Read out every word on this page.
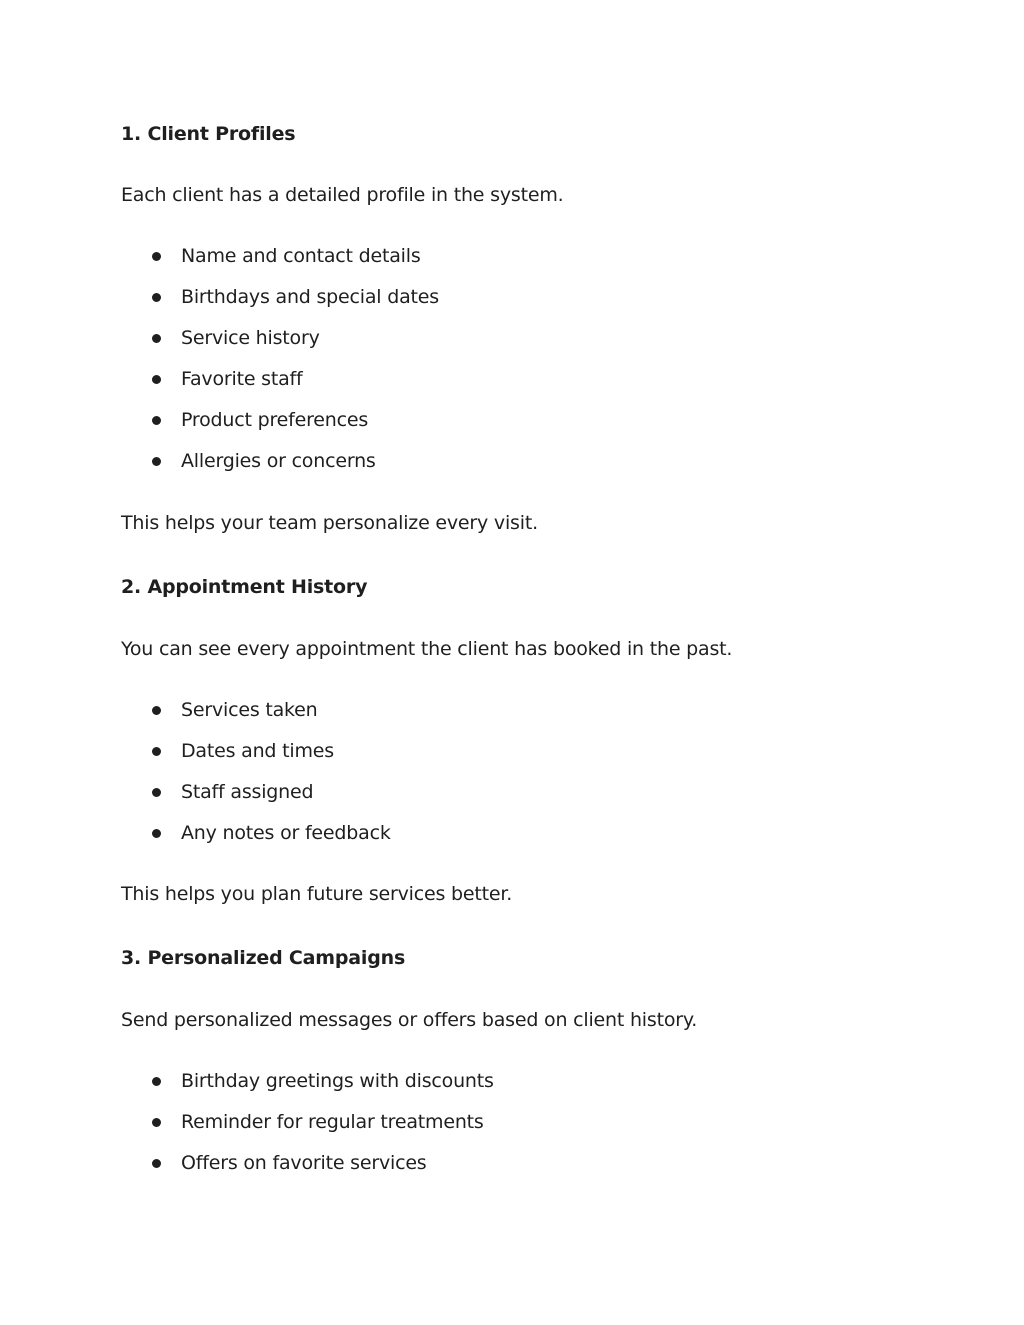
1. Client Profiles
Each client has a detailed profile in the system.
Name and contact details
Birthdays and special dates
Service history
Favorite staff
Product preferences
Allergies or concerns
This helps your team personalize every visit.
2. Appointment History
You can see every appointment the client has booked in the past.
Services taken
Dates and times
Staff assigned
Any notes or feedback
This helps you plan future services better.
3. Personalized Campaigns
Send personalized messages or offers based on client history.
Birthday greetings with discounts
Reminder for regular treatments
Offers on favorite services
